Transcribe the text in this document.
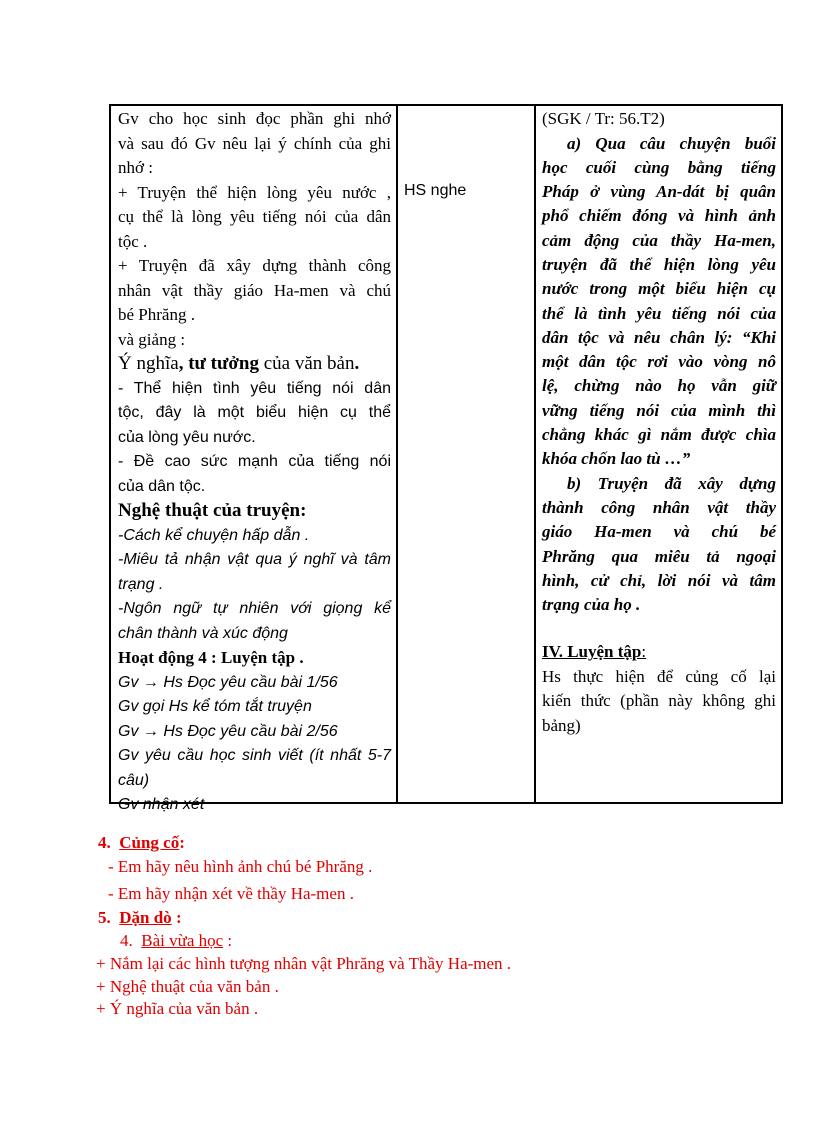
Gv cho học sinh đọc phần ghi nhớ

và sau đó Gv nêu lại ý chính của ghi

nhớ :

+ Truyện thể hiện lòng yêu nước ,

cụ thể là lòng yêu tiếng nói của dân

tộc .

+ Truyện đã xây dựng thành công

nhân vật thầy giáo Ha-men và chú

bé Phrăng .

và giảng :

Ý nghĩa, tư tưởng của văn bản.

- Thể hiện tình yêu tiếng nói dân

tộc, đây là một biểu hiện cụ thể

của lòng yêu nước.

- Đề cao sức mạnh của tiếng nói

của dân tộc.

Nghệ thuật của truyện:

-Cách kể chuyện hấp dẫn .

-Miêu tả nhận vật qua ý nghĩ và tâm

trạng .

-Ngôn ngữ tự nhiên với giọng kể

chân thành và xúc động

Hoạt động 4 : Luyện tập .

Gv → Hs Đọc yêu cầu bài 1/56

Gv gọi Hs kể tóm tắt truyện

Gv → Hs Đọc yêu cầu bài 2/56

Gv yêu cầu học sinh viết (ít nhất 5-7

câu)

Gv nhận xét

HS nghe

(SGK / Tr: 56.T2)

a) Qua câu chuyện buổi

học cuối cùng bằng tiếng

Pháp ở vùng An-dát bị quân

phổ chiếm đóng và hình ảnh

cảm động của thầy Ha-men,

truyện đã thể hiện lòng yêu

nước trong một biểu hiện cụ

thể là tình yêu tiếng nói của

dân tộc và nêu chân lý: “Khi

một dân tộc rơi vào vòng nô

lệ, chừng nào họ vẫn giữ

vững tiếng nói của mình thì

chẳng khác gì nắm được chìa

khóa chốn lao tù …”

b) Truyện đã xây dựng

thành công nhân vật thầy

giáo Ha-men và chú bé

Phrăng qua miêu tả ngoại

hình, cử chỉ, lời nói và tâm

trạng của họ .

IV. Luyện tập:

Hs thực hiện để củng cố lại

kiến thức (phần này không ghi

bảng)

4. Củng cố:
- Em hãy nêu hình ảnh chú bé Phrăng .
- Em hãy nhận xét về thầy Ha-men .
5. Dặn dò :
4. Bài vừa học :
+ Nắm lại các hình tượng nhân vật Phrăng và Thầy Ha-men .
+ Nghệ thuật của văn bản .
+ Ý nghĩa của văn bản .
